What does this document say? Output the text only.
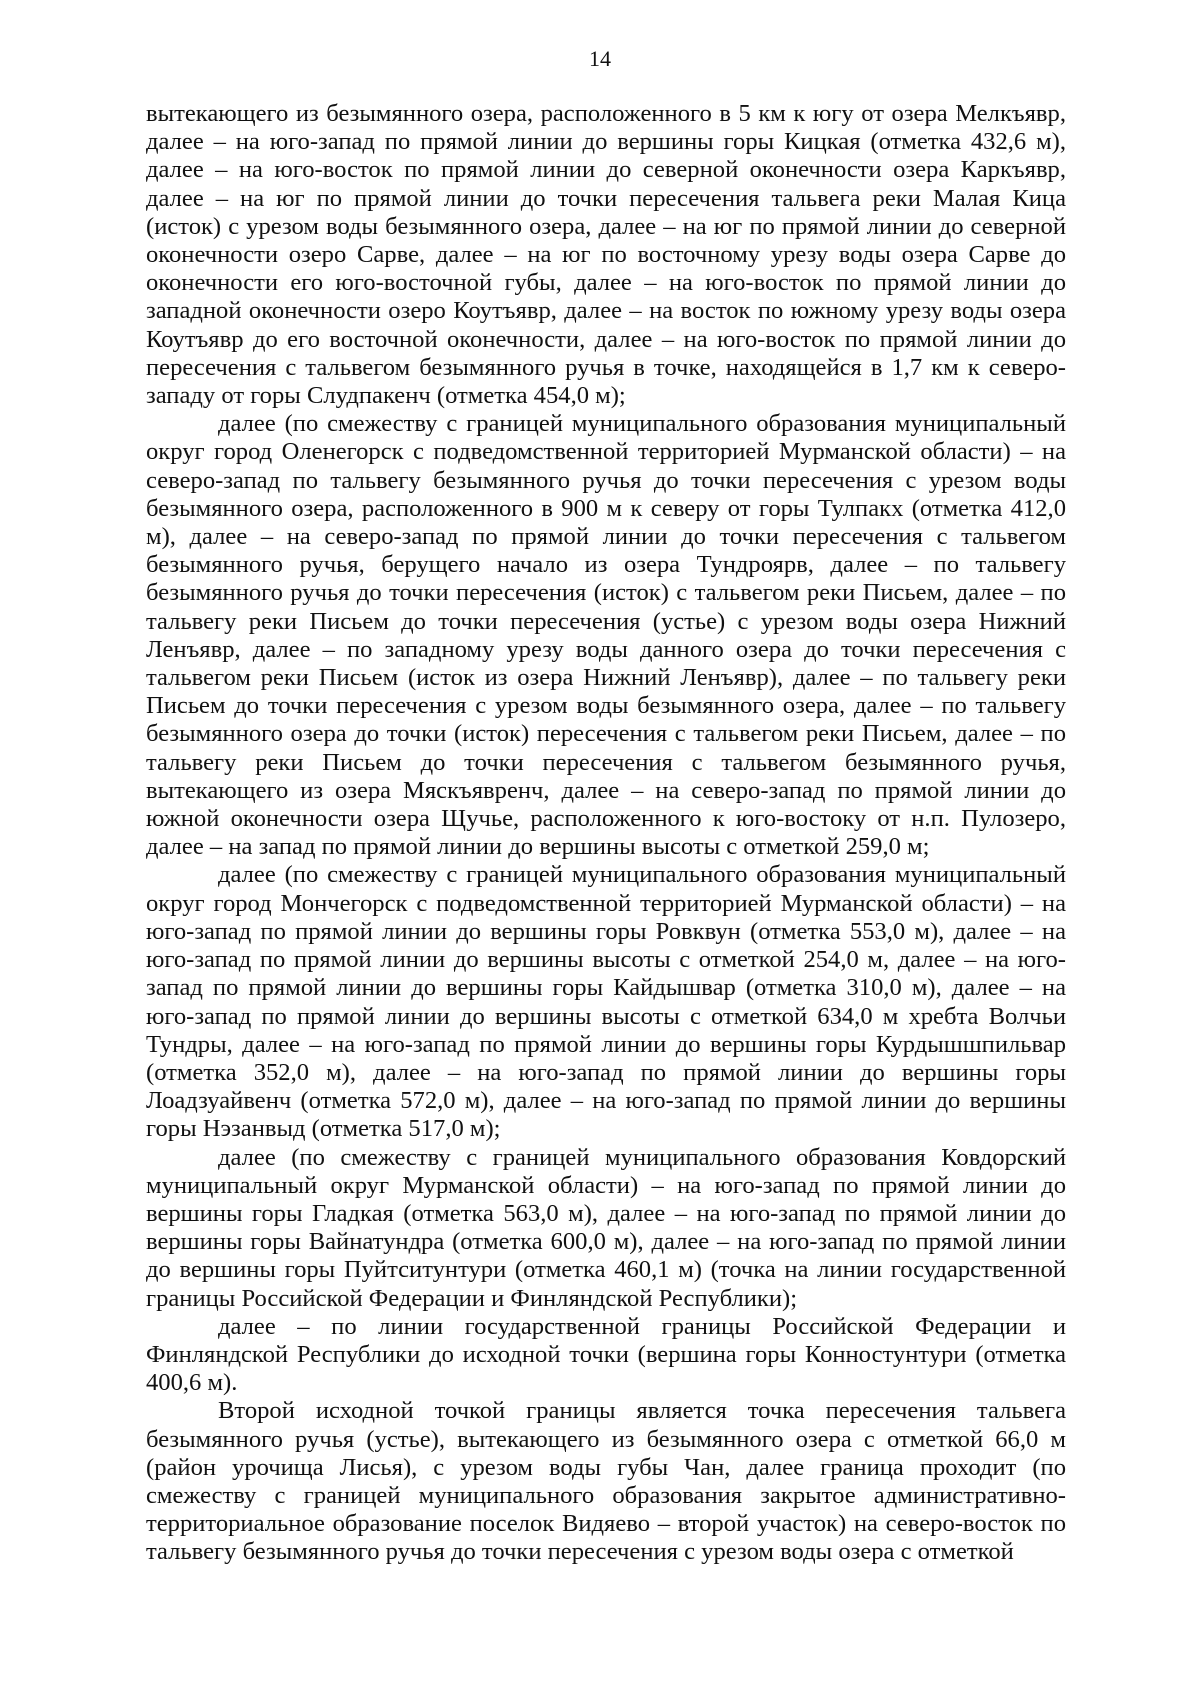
14

вытекающего из безымянного озера, расположенного в 5 км к югу от озера Мелкъявр, далее – на юго-запад по прямой линии до вершины горы Кицкая (отметка 432,6 м), далее – на юго-восток по прямой линии до северной оконечности озера Каркъявр, далее – на юг по прямой линии до точки пересечения тальвега реки Малая Кица (исток) с урезом воды безымянного озера, далее – на юг по прямой линии до северной оконечности озеро Сарве, далее – на юг по восточному урезу воды озера Сарве до оконечности его юго-восточной губы, далее – на юго-восток по прямой линии до западной оконечности озеро Коутъявр, далее – на восток по южному урезу воды озера Коутъявр до его восточной оконечности, далее – на юго-восток по прямой линии до пересечения с тальвегом безымянного ручья в точке, находящейся в 1,7 км к северо-западу от горы Слудпакенч (отметка 454,0 м);

далее (по смежеству с границей муниципального образования муниципальный округ город Оленегорск с подведомственной территорией Мурманской области) – на северо-запад по тальвегу безымянного ручья до точки пересечения с урезом воды безымянного озера, расположенного в 900 м к северу от горы Тулпакх (отметка 412,0 м), далее – на северо-запад по прямой линии до точки пересечения с тальвегом безымянного ручья, берущего начало из озера Тундроярв, далее – по тальвегу безымянного ручья до точки пересечения (исток) с тальвегом реки Письем, далее – по тальвегу реки Письем до точки пересечения (устье) с урезом воды озера Нижний Ленъявр, далее – по западному урезу воды данного озера до точки пересечения с тальвегом реки Письем (исток из озера Нижний Ленъявр), далее – по тальвегу реки Письем до точки пересечения с урезом воды безымянного озера, далее – по тальвегу безымянного озера до точки (исток) пересечения с тальвегом реки Письем, далее – по тальвегу реки Письем до точки пересечения с тальвегом безымянного ручья, вытекающего из озера Мяскъявренч, далее – на северо-запад по прямой линии до южной оконечности озера Щучье, расположенного к юго-востоку от н.п. Пулозеро, далее – на запад по прямой линии до вершины высоты с отметкой 259,0 м;

далее (по смежеству с границей муниципального образования муниципальный округ город Мончегорск с подведомственной территорией Мурманской области) – на юго-запад по прямой линии до вершины горы Ровквун (отметка 553,0 м), далее – на юго-запад по прямой линии до вершины высоты с отметкой 254,0 м, далее – на юго-запад по прямой линии до вершины горы Кайдышвар (отметка 310,0 м), далее – на юго-запад по прямой линии до вершины высоты с отметкой 634,0 м хребта Волчьи Тундры, далее – на юго-запад по прямой линии до вершины горы Курдышшпильвар (отметка 352,0 м), далее – на юго-запад по прямой линии до вершины горы Лоадзуайвенч (отметка 572,0 м), далее – на юго-запад по прямой линии до вершины горы Нэзанвыд (отметка 517,0 м);

далее (по смежеству с границей муниципального образования Ковдорский муниципальный округ Мурманской области) – на юго-запад по прямой линии до вершины горы Гладкая (отметка 563,0 м), далее – на юго-запад по прямой линии до вершины горы Вайнатундра (отметка 600,0 м), далее – на юго-запад по прямой линии до вершины горы Пуйтситунтури (отметка 460,1 м) (точка на линии государственной границы Российской Федерации и Финляндской Республики);

далее – по линии государственной границы Российской Федерации и Финляндской Республики до исходной точки (вершина горы Конностунтури (отметка 400,6 м).

Второй исходной точкой границы является точка пересечения тальвега безымянного ручья (устье), вытекающего из безымянного озера с отметкой 66,0 м (район урочища Лисья), с урезом воды губы Чан, далее граница проходит (по смежеству с границей муниципального образования закрытое административно-территориальное образование поселок Видяево – второй участок) на северо-восток по тальвегу безымянного ручья до точки пересечения с урезом воды озера с отметкой
